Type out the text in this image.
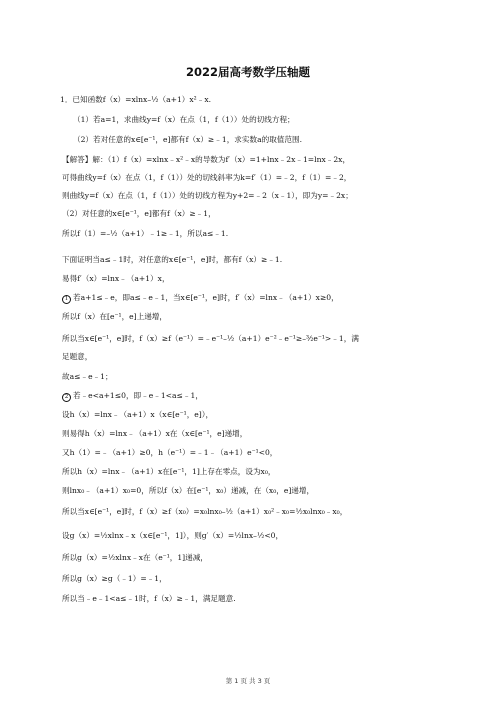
2022届高考数学压轴题
1．已知函数f（x）=xlnx–½（a+1）x²﹣x.
（1）若a=1，求曲线y=f（x）在点（1，f（1））处的切线方程；
（2）若对任意的x∈[e⁻¹，e]都有f（x）≥﹣1，求实数a的取值范围.
【解答】解：（1）f（x）=xlnx﹣x²﹣x的导数为f′（x）=1+lnx﹣2x﹣1=lnx﹣2x，
可得曲线y=f（x）在点（1，f（1））处的切线斜率为k=f′（1）=﹣2，f（1）=﹣2，
则曲线y=f（x）在点（1，f（1））处的切线方程为y+2=﹣2（x﹣1），即为y=﹣2x；
（2）对任意的x∈[e⁻¹，e]都有f（x）≥﹣1，
所以f（1）=–½（a+1）﹣1≥﹣1，所以a≤﹣1.
下面证明当a≤﹣1时，对任意的x∈[e⁻¹，e]时，都有f（x）≥﹣1.
易得f′（x）=lnx﹣（a+1）x，
1 若a+1≤﹣e，即a≤﹣e﹣1，当x∈[e⁻¹，e]时，f′（x）=lnx﹣（a+1）x≥0，
所以f（x）在[e⁻¹，e]上递增，
所以当x∈[e⁻¹，e]时，f（x）≥f（e⁻¹）=﹣e⁻¹–½（a+1）e⁻²﹣e⁻¹≥–³⁄₂e⁻¹>﹣1，满
足题意，
故a≤﹣e﹣1；
2 若﹣e<a+1≤0，即﹣e﹣1<a≤﹣1，
设h（x）=lnx﹣（a+1）x（x∈[e⁻¹，e]），
则易得h（x）=lnx﹣（a+1）x在（x∈[e⁻¹，e]递增，
又h（1）=﹣（a+1）≥0，h（e⁻¹）=﹣1﹣（a+1）e⁻¹<0，
所以h（x）=lnx﹣（a+1）x在[e⁻¹，1]上存在零点，设为x₀，
则lnx₀﹣（a+1）x₀=0，所以f（x）在[e⁻¹，x₀）递减，在（x₀，e]递增，
所以当x∈[e⁻¹，e]时，f（x）≥f（x₀）=x₀lnx₀–½（a+1）x₀²﹣x₀=½x₀lnx₀﹣x₀，
设g（x）=½xlnx﹣x（x∈[e⁻¹，1]），则g′（x）=½lnx–½<0，
所以g（x）=½xlnx﹣x在（e⁻¹，1]递减，
所以g（x）≥g（﹣1）=﹣1，
所以当﹣e﹣1<a≤﹣1时，f（x）≥﹣1，满足题意.
第 1 页 共 3 页
